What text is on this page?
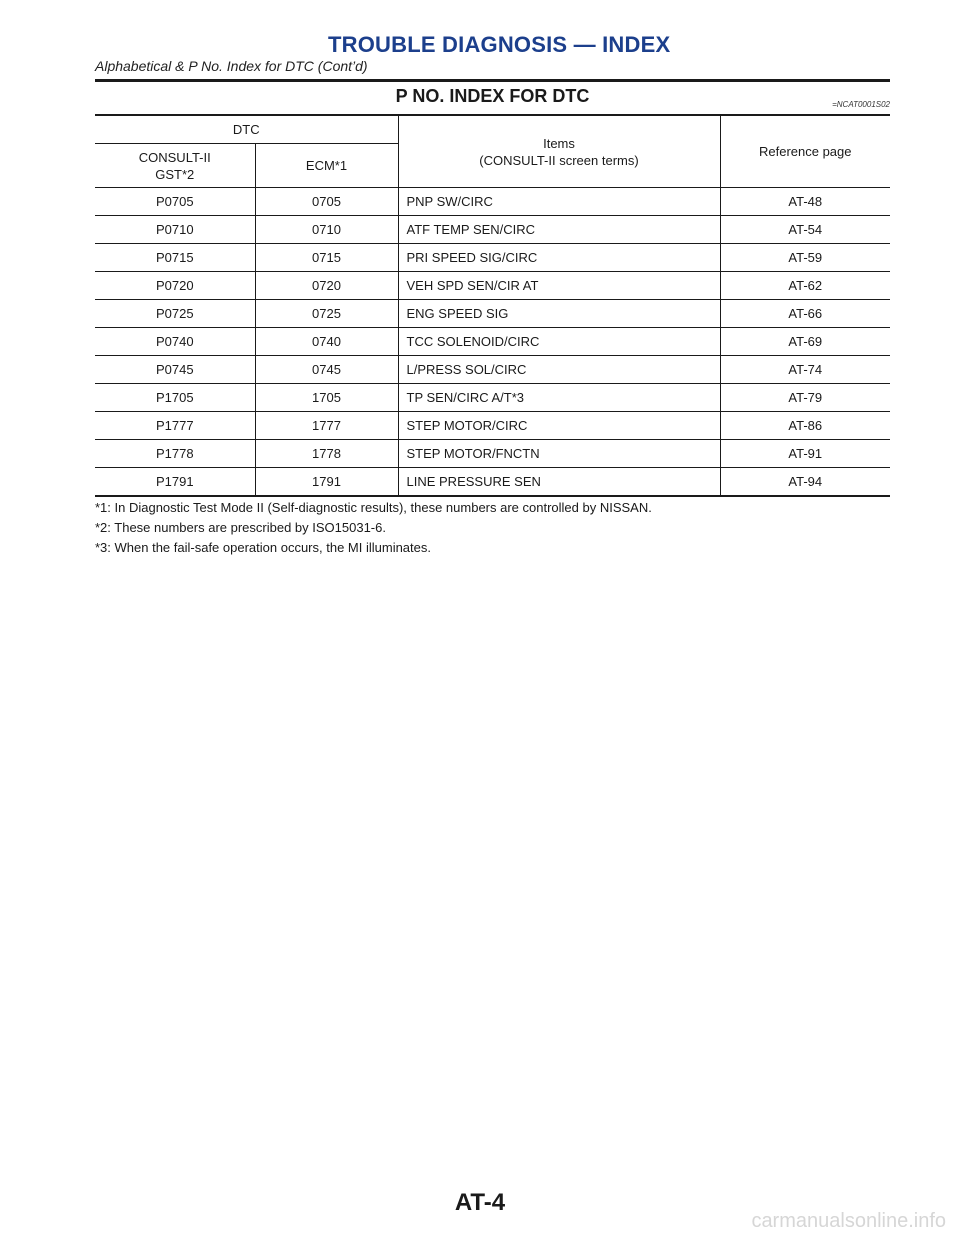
TROUBLE DIAGNOSIS — INDEX
Alphabetical & P No. Index for DTC (Cont’d)
P NO. INDEX FOR DTC	=NCAT0001S02
DTC		Items
(CONSULT-II screen terms)	Reference page
CONSULT-II
GST*2	ECM*1		
P0705	0705	PNP SW/CIRC	AT-48
P0710	0710	ATF TEMP SEN/CIRC	AT-54
P0715	0715	PRI SPEED SIG/CIRC	AT-59
P0720	0720	VEH SPD SEN/CIR AT	AT-62
P0725	0725	ENG SPEED SIG	AT-66
P0740	0740	TCC SOLENOID/CIRC	AT-69
P0745	0745	L/PRESS SOL/CIRC	AT-74
P1705	1705	TP SEN/CIRC A/T*3	AT-79
P1777	1777	STEP MOTOR/CIRC	AT-86
P1778	1778	STEP MOTOR/FNCTN	AT-91
P1791	1791	LINE PRESSURE SEN	AT-94
*1: In Diagnostic Test Mode II (Self-diagnostic results), these numbers are controlled by NISSAN.
*2: These numbers are prescribed by ISO15031-6.
*3: When the fail-safe operation occurs, the MI illuminates.
AT-4
carmanualsonline.info
